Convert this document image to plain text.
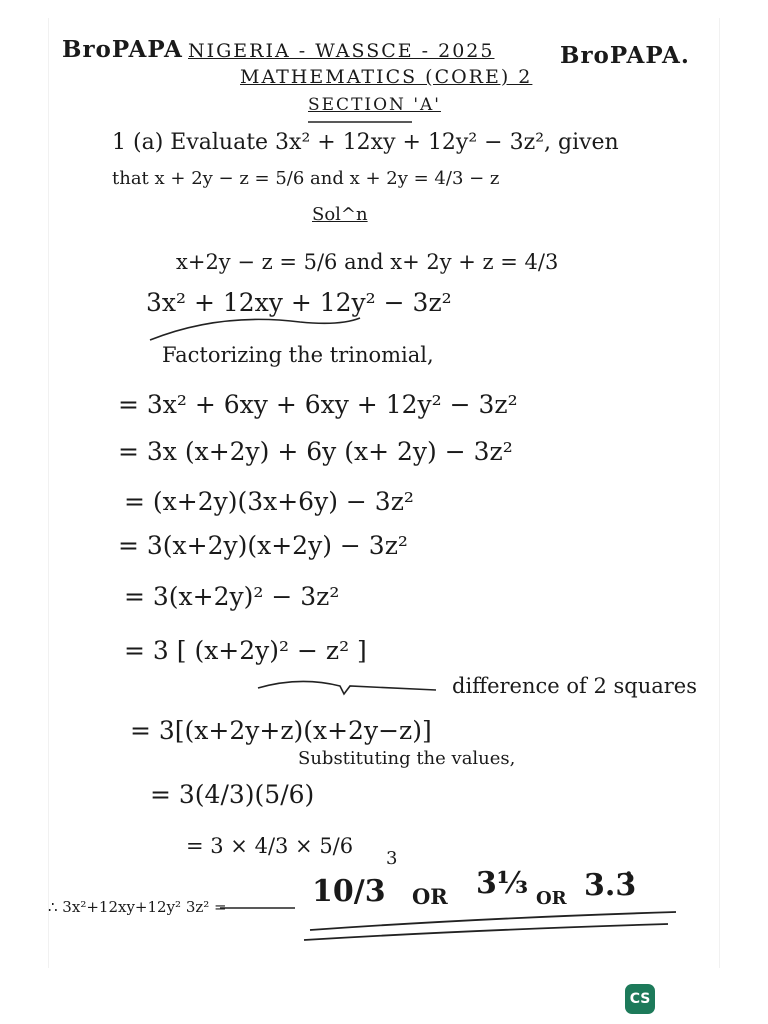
BroPAPA NIGERIA - WASSCE - 2025	BroPAPA.
MATHEMATICS (CORE) 2
SECTION 'A'
1 (a) Evaluate 3x² + 12xy + 12y² − 3z², given
that x + 2y − z = 5/6 and x + 2y = 4/3 − z
Sol^n
x+2y − z = 5/6 and x+ 2y + z = 4/3
3x² + 12xy + 12y² − 3z²
Factorizing the trinomial,
= 3x² + 6xy + 6xy + 12y² − 3z²
= 3x (x+2y) + 6y (x+ 2y) − 3z²
= (x+2y)(3x+6y) − 3z²
= 3(x+2y)(x+2y) − 3z²
= 3(x+2y)² − 3z²
= 3 [ (x+2y)² − z² ]
difference of 2 squares
= 3[(x+2y+z)(x+2y−z)]
Substituting the values,
= 3(4/3)(5/6)
= 3 × 4/3 × 5/6
3
∴ 3x²+12xy+12y² 3z² =	10/3 OR 3⅓ OR 3.3̇
CS
